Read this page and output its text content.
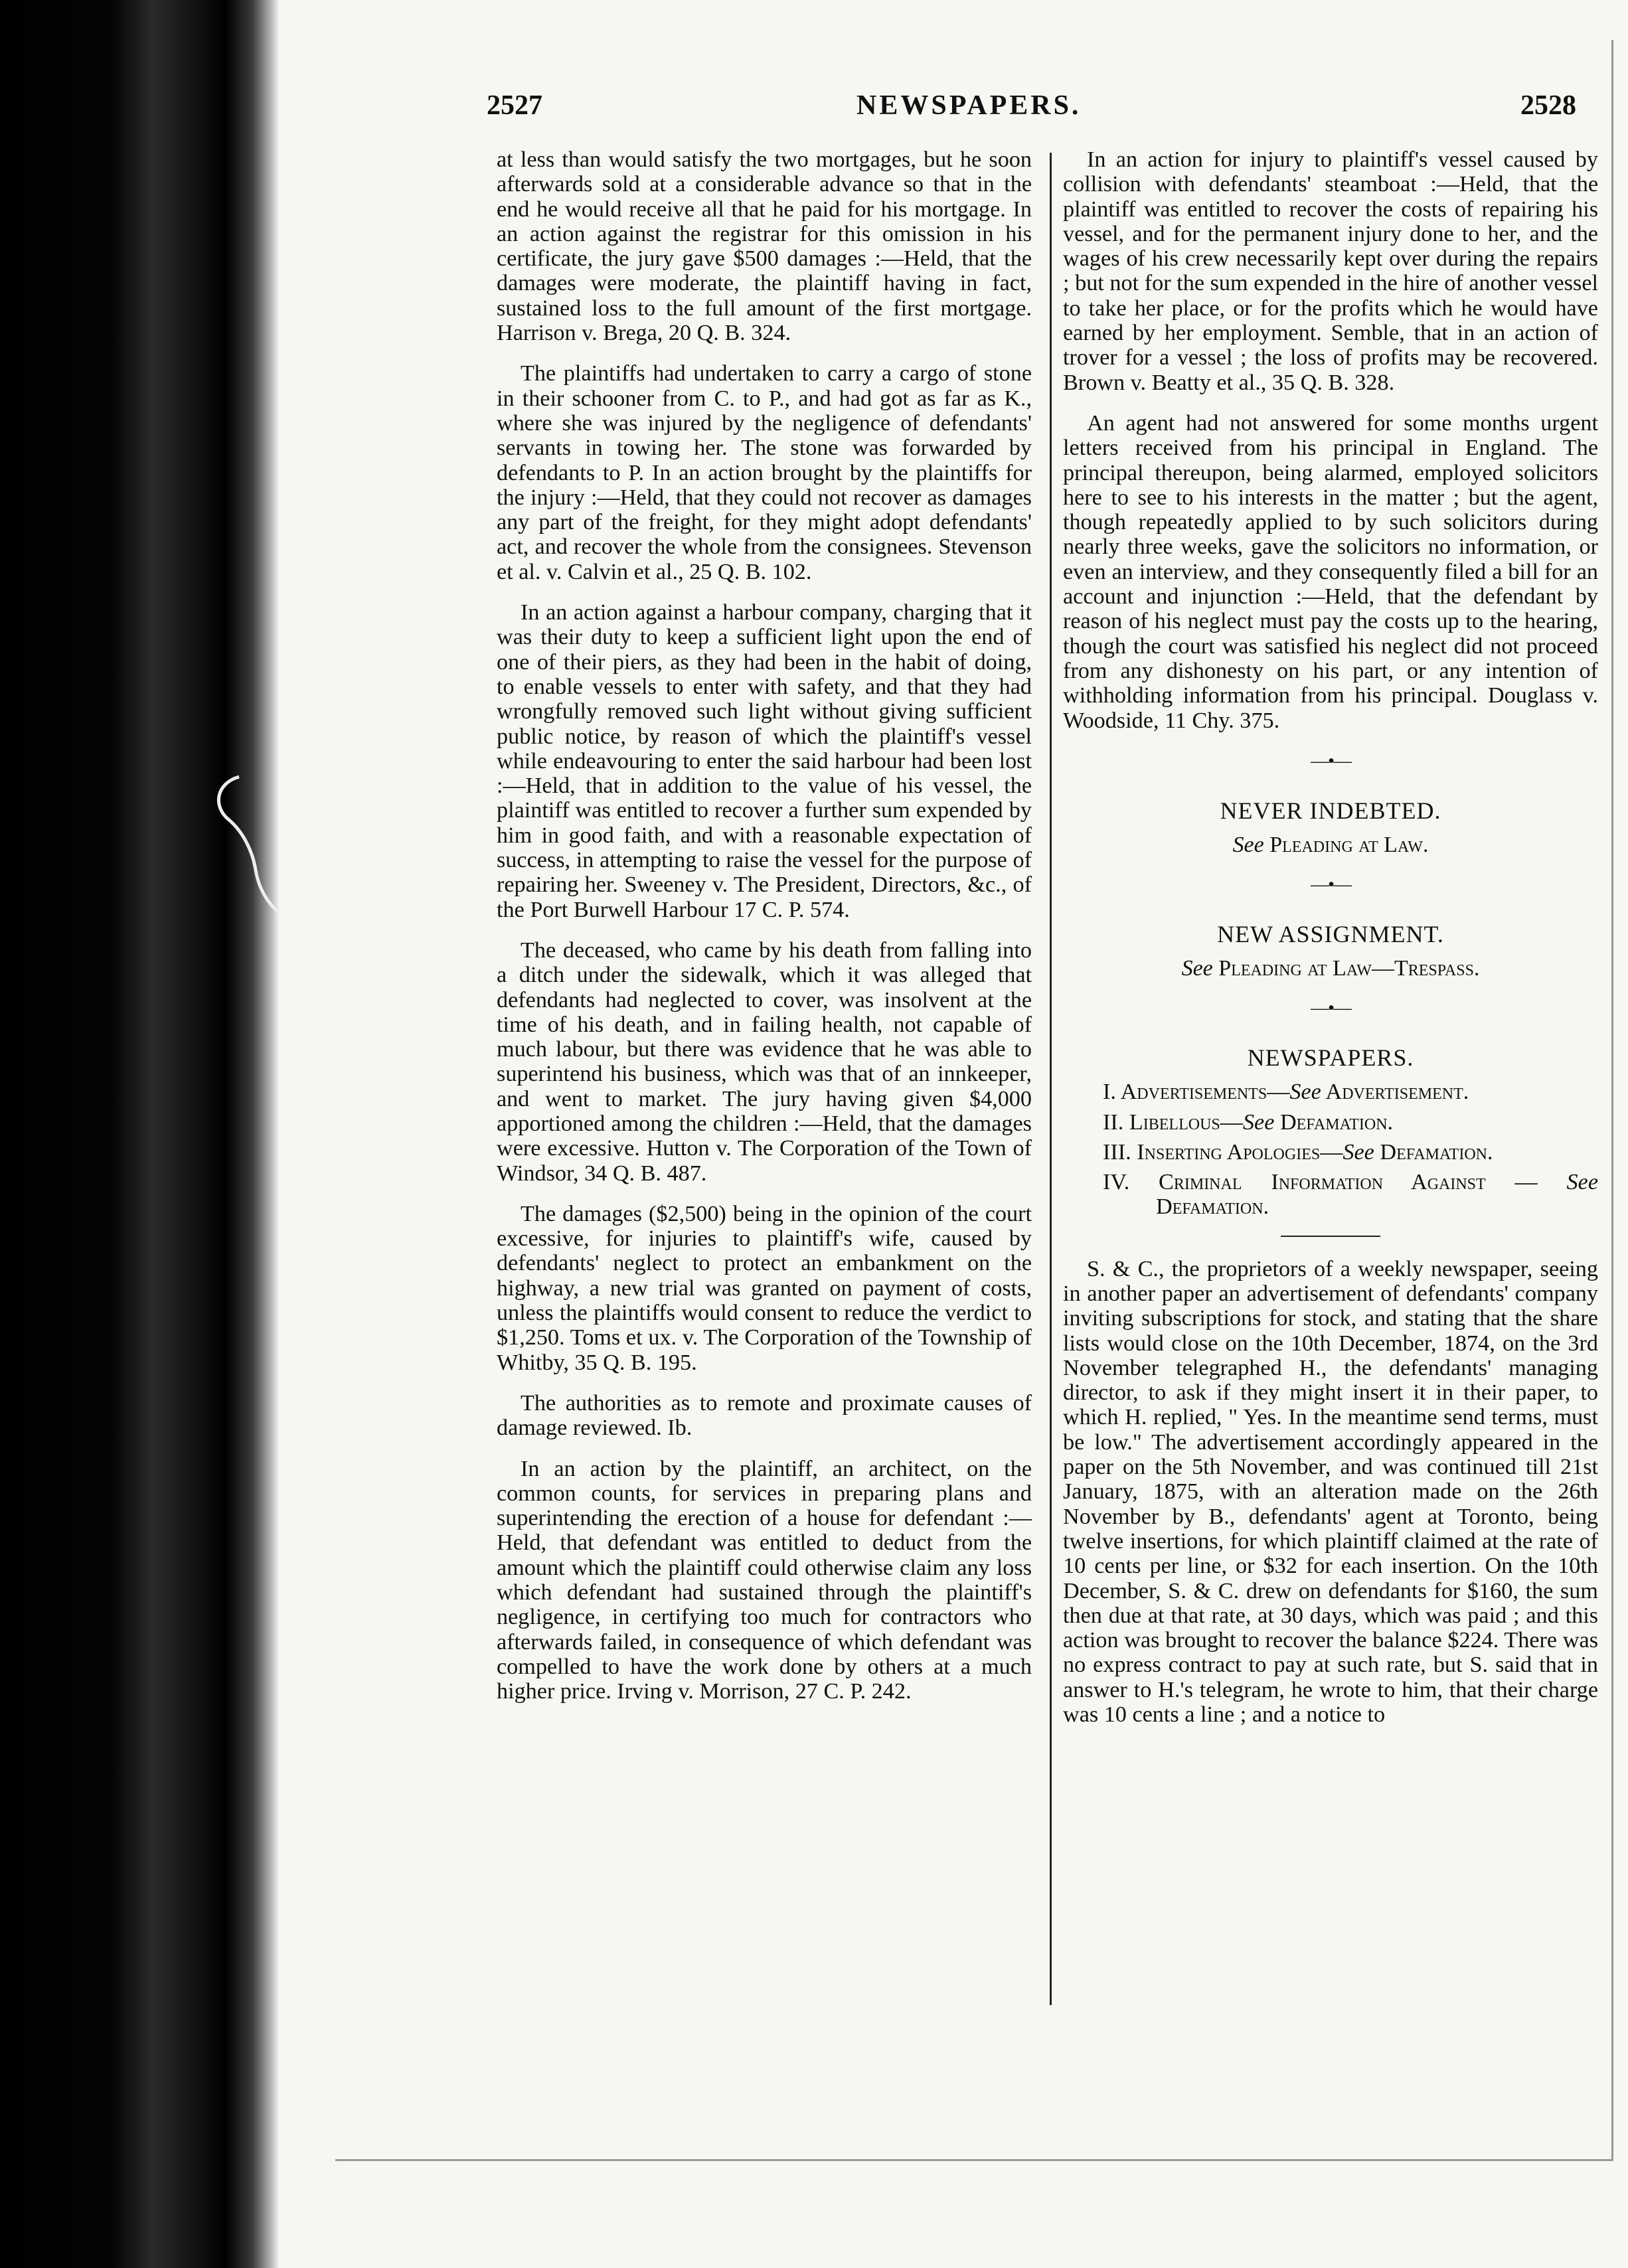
2527	NEWSPAPERS.	2528

at less than would satisfy the two mortgages, but he soon afterwards sold at a considerable advance so that in the end he would receive all that he paid for his mortgage. In an action against the registrar for this omission in his certificate, the jury gave $500 damages :—Held, that the damages were moderate, the plaintiff having in fact, sustained loss to the full amount of the first mortgage. Harrison v. Brega, 20 Q. B. 324.

The plaintiffs had undertaken to carry a cargo of stone in their schooner from C. to P., and had got as far as K., where she was injured by the negligence of defendants' servants in towing her. The stone was forwarded by defendants to P. In an action brought by the plaintiffs for the injury :—Held, that they could not recover as damages any part of the freight, for they might adopt defendants' act, and recover the whole from the consignees. Stevenson et al. v. Calvin et al., 25 Q. B. 102.

In an action against a harbour company, charging that it was their duty to keep a sufficient light upon the end of one of their piers, as they had been in the habit of doing, to enable vessels to enter with safety, and that they had wrongfully removed such light without giving sufficient public notice, by reason of which the plaintiff's vessel while endeavouring to enter the said harbour had been lost :—Held, that in addition to the value of his vessel, the plaintiff was entitled to recover a further sum expended by him in good faith, and with a reasonable expectation of success, in attempting to raise the vessel for the purpose of repairing her. Sweeney v. The President, Directors, &c., of the Port Burwell Harbour 17 C. P. 574.

The deceased, who came by his death from falling into a ditch under the sidewalk, which it was alleged that defendants had neglected to cover, was insolvent at the time of his death, and in failing health, not capable of much labour, but there was evidence that he was able to superintend his business, which was that of an innkeeper, and went to market. The jury having given $4,000 apportioned among the children :—Held, that the damages were excessive. Hutton v. The Corporation of the Town of Windsor, 34 Q. B. 487.

The damages ($2,500) being in the opinion of the court excessive, for injuries to plaintiff's wife, caused by defendants' neglect to protect an embankment on the highway, a new trial was granted on payment of costs, unless the plaintiffs would consent to reduce the verdict to $1,250. Toms et ux. v. The Corporation of the Township of Whitby, 35 Q. B. 195.

The authorities as to remote and proximate causes of damage reviewed. Ib.

In an action by the plaintiff, an architect, on the common counts, for services in preparing plans and superintending the erection of a house for defendant :—Held, that defendant was entitled to deduct from the amount which the plaintiff could otherwise claim any loss which defendant had sustained through the plaintiff's negligence, in certifying too much for contractors who afterwards failed, in consequence of which defendant was compelled to have the work done by others at a much higher price. Irving v. Morrison, 27 C. P. 242.

In an action for injury to plaintiff's vessel caused by collision with defendants' steamboat :—Held, that the plaintiff was entitled to recover the costs of repairing his vessel, and for the permanent injury done to her, and the wages of his crew necessarily kept over during the repairs ; but not for the sum expended in the hire of another vessel to take her place, or for the profits which he would have earned by her employment. Semble, that in an action of trover for a vessel ; the loss of profits may be recovered. Brown v. Beatty et al., 35 Q. B. 328.

An agent had not answered for some months urgent letters received from his principal in England. The principal thereupon, being alarmed, employed solicitors here to see to his interests in the matter ; but the agent, though repeatedly applied to by such solicitors during nearly three weeks, gave the solicitors no information, or even an interview, and they consequently filed a bill for an account and injunction :—Held, that the defendant by reason of his neglect must pay the costs up to the hearing, though the court was satisfied his neglect did not proceed from any dishonesty on his part, or any intention of withholding information from his principal. Douglass v. Woodside, 11 Chy. 375.

—•—
NEVER INDEBTED.
See Pleading at Law.
—•—
NEW ASSIGNMENT.
See Pleading at Law—Trespass.
—•—
NEWSPAPERS.
I. Advertisements—See Advertisement.
II. Libellous—See Defamation.
III. Inserting Apologies—See Defamation.
IV. Criminal Information Against — See Defamation.

S. & C., the proprietors of a weekly newspaper, seeing in another paper an advertisement of defendants' company inviting subscriptions for stock, and stating that the share lists would close on the 10th December, 1874, on the 3rd November telegraphed H., the defendants' managing director, to ask if they might insert it in their paper, to which H. replied, " Yes. In the meantime send terms, must be low." The advertisement accordingly appeared in the paper on the 5th November, and was continued till 21st January, 1875, with an alteration made on the 26th November by B., defendants' agent at Toronto, being twelve insertions, for which plaintiff claimed at the rate of 10 cents per line, or $32 for each insertion. On the 10th December, S. & C. drew on defendants for $160, the sum then due at that rate, at 30 days, which was paid ; and this action was brought to recover the balance $224. There was no express contract to pay at such rate, but S. said that in answer to H.'s telegram, he wrote to him, that their charge was 10 cents a line ; and a notice to
